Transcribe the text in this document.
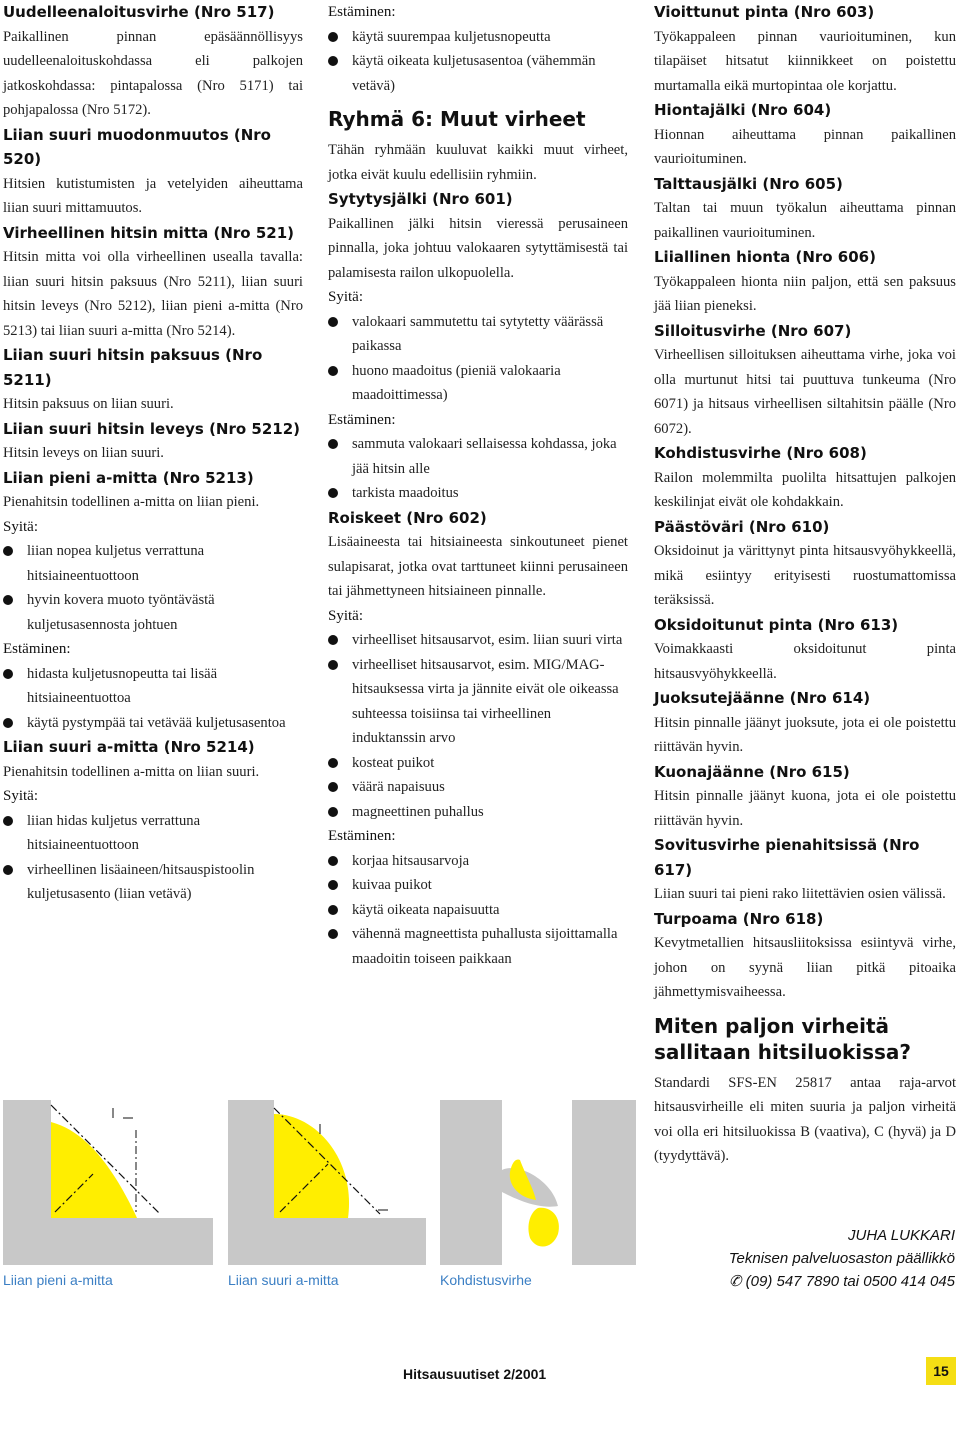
Uudelleenaloitusvirhe (Nro 517)
Paikallinen pinnan epäsäännöllisyys uudelleenaloituskohdassa eli palkojen jatkoskohdassa: pintapalossa (Nro 5171) tai pohjapalossa (Nro 5172).
Liian suuri muodonmuutos (Nro 520)
Hitsien kutistumisten ja vetelyiden aiheuttama liian suuri mittamuutos.
Virheellinen hitsin mitta (Nro 521)
Hitsin mitta voi olla virheellinen usealla tavalla: liian suuri hitsin paksuus (Nro 5211), liian suuri hitsin leveys (Nro 5212), liian pieni a-mitta (Nro 5213) tai liian suuri a-mitta (Nro 5214).
Liian suuri hitsin paksuus (Nro 5211)
Hitsin paksuus on liian suuri.
Liian suuri hitsin leveys (Nro 5212)
Hitsin leveys on liian suuri.
Liian pieni a-mitta (Nro 5213)
Pienahitsin todellinen a-mitta on liian pieni.
Syitä:
liian nopea kuljetus verrattuna hitsiaineentuottoon
hyvin kovera muoto työntävästä kuljetusasennosta johtuen
Estäminen:
hidasta kuljetusnopeutta tai lisää hitsiaineentuottoa
käytä pystympää tai vetävää kuljetusasentoa
Liian suuri a-mitta (Nro 5214)
Pienahitsin todellinen a-mitta on liian suuri.
Syitä:
liian hidas kuljetus verrattuna hitsiaineentuottoon
virheellinen lisäaineen/hitsauspistoolin kuljetusasento (liian vetävä)
Estäminen:
käytä suurempaa kuljetusnopeutta
käytä oikeata kuljetusasentoa (vähemmän vetävä)
Ryhmä 6: Muut virheet
Tähän ryhmään kuuluvat kaikki muut virheet, jotka eivät kuulu edellisiin ryhmiin.
Sytytysjälki (Nro 601)
Paikallinen jälki hitsin vieressä perusaineen pinnalla, joka johtuu valokaaren sytyttämisestä tai palamisesta railon ulkopuolella.
Syitä:
valokaari sammutettu tai sytytetty väärässä paikassa
huono maadoitus (pieniä valokaaria maadoittimessa)
Estäminen:
sammuta valokaari sellaisessa kohdassa, joka jää hitsin alle
tarkista maadoitus
Roiskeet (Nro 602)
Lisäaineesta tai hitsiaineesta sinkoutuneet pienet sulapisarat, jotka ovat tarttuneet kiinni perusaineen tai jähmettyneen hitsiaineen pinnalle.
Syitä:
virheelliset hitsausarvot, esim. liian suuri virta
virheelliset hitsausarvot, esim. MIG/MAG-hitsauksessa virta ja jännite eivät ole oikeassa suhteessa toisiinsa tai virheellinen induktanssin arvo
kosteat puikot
väärä napaisuus
magneettinen puhallus
Estäminen:
korjaa hitsausarvoja
kuivaa puikot
käytä oikeata napaisuutta
vähennä magneettista puhallusta sijoittamalla maadoitin toiseen paikkaan
Vioittunut pinta (Nro 603)
Työkappaleen pinnan vaurioituminen, kun tilapäiset hitsatut kiinnikkeet on poistettu murtamalla eikä murtopintaa ole korjattu.
Hiontajälki (Nro 604)
Hionnan aiheuttama pinnan paikallinen vaurioituminen.
Talttausjälki (Nro 605)
Taltan tai muun työkalun aiheuttama pinnan paikallinen vaurioituminen.
Liiallinen hionta (Nro 606)
Työkappaleen hionta niin paljon, että sen paksuus jää liian pieneksi.
Silloitusvirhe (Nro 607)
Virheellisen silloituksen aiheuttama virhe, joka voi olla murtunut hitsi tai puuttuva tunkeuma (Nro 6071) ja hitsaus virheellisen siltahitsin päälle (Nro 6072).
Kohdistusvirhe (Nro 608)
Railon molemmilta puolilta hitsattujen palkojen keskilinjat eivät ole kohdakkain.
Päästöväri (Nro 610)
Oksidoinut ja värittynyt pinta hitsausvyöhykkeellä, mikä esiintyy erityisesti ruostumattomissa teräksissä.
Oksidoitunut pinta (Nro 613)
Voimakkaasti oksidoitunut pinta hitsausvyöhykkeellä.
Juoksutejäänne (Nro 614)
Hitsin pinnalle jäänyt juoksute, jota ei ole poistettu riittävän hyvin.
Kuonajäänne (Nro 615)
Hitsin pinnalle jäänyt kuona, jota ei ole poistettu riittävän hyvin.
Sovitusvirhe pienahitsissä (Nro 617)
Liian suuri tai pieni rako liitettävien osien välissä.
Turpoama (Nro 618)
Kevytmetallien hitsausliitoksissa esiintyvä virhe, johon on syynä liian pitkä pitoaika jähmettymisvaiheessa.
Miten paljon virheitä sallitaan hitsiluokissa?
Standardi SFS-EN 25817 antaa raja-arvot hitsausvirheille eli miten suuria ja paljon virheitä voi olla eri hitsiluokissa B (vaativa), C (hyvä) ja D (tyydyttävä).
Liian pieni a-mitta	Liian suuri a-mitta	Kohdistusvirhe
JUHA LUKKARI
Teknisen palveluosaston päällikkö
✆ (09) 547 7890 tai 0500 414 045
Hitsausuutiset 2/2001	15
